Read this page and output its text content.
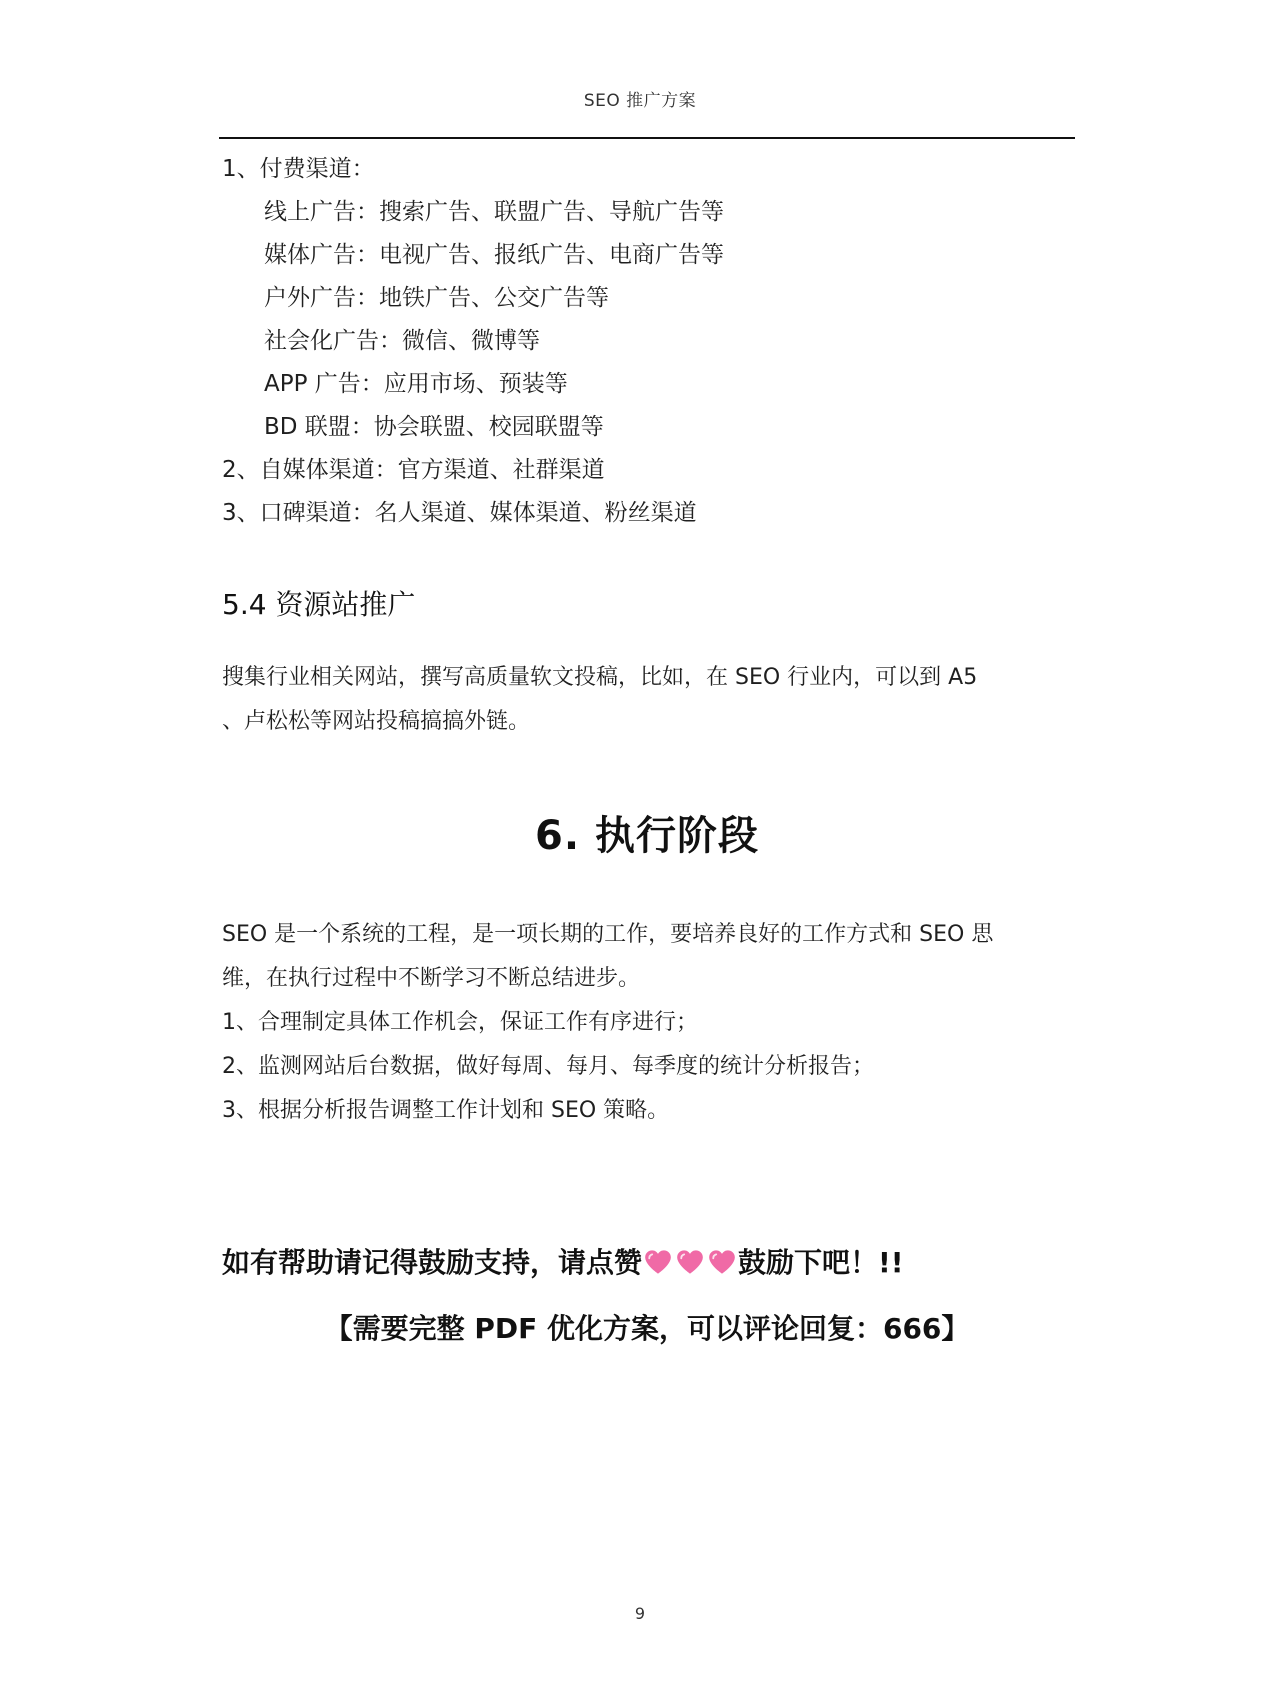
SEO 推广方案
1、付费渠道：
线上广告：搜索广告、联盟广告、导航广告等
媒体广告：电视广告、报纸广告、电商广告等
户外广告：地铁广告、公交广告等
社会化广告：微信、微博等
APP 广告：应用市场、预装等
BD 联盟：协会联盟、校园联盟等
2、自媒体渠道：官方渠道、社群渠道
3、口碑渠道：名人渠道、媒体渠道、粉丝渠道
5.4 资源站推广
搜集行业相关网站，撰写高质量软文投稿，比如，在 SEO 行业内，可以到 A5
、卢松松等网站投稿搞搞外链。
6. 执行阶段
SEO 是一个系统的工程，是一项长期的工作，要培养良好的工作方式和 SEO 思
维，在执行过程中不断学习不断总结进步。
1、合理制定具体工作机会，保证工作有序进行；
2、监测网站后台数据，做好每周、每月、每季度的统计分析报告；
3、根据分析报告调整工作计划和 SEO 策略。
如有帮助请记得鼓励支持，请点赞	鼓励下吧！!!
【需要完整 PDF 优化方案，可以评论回复：666】
9
